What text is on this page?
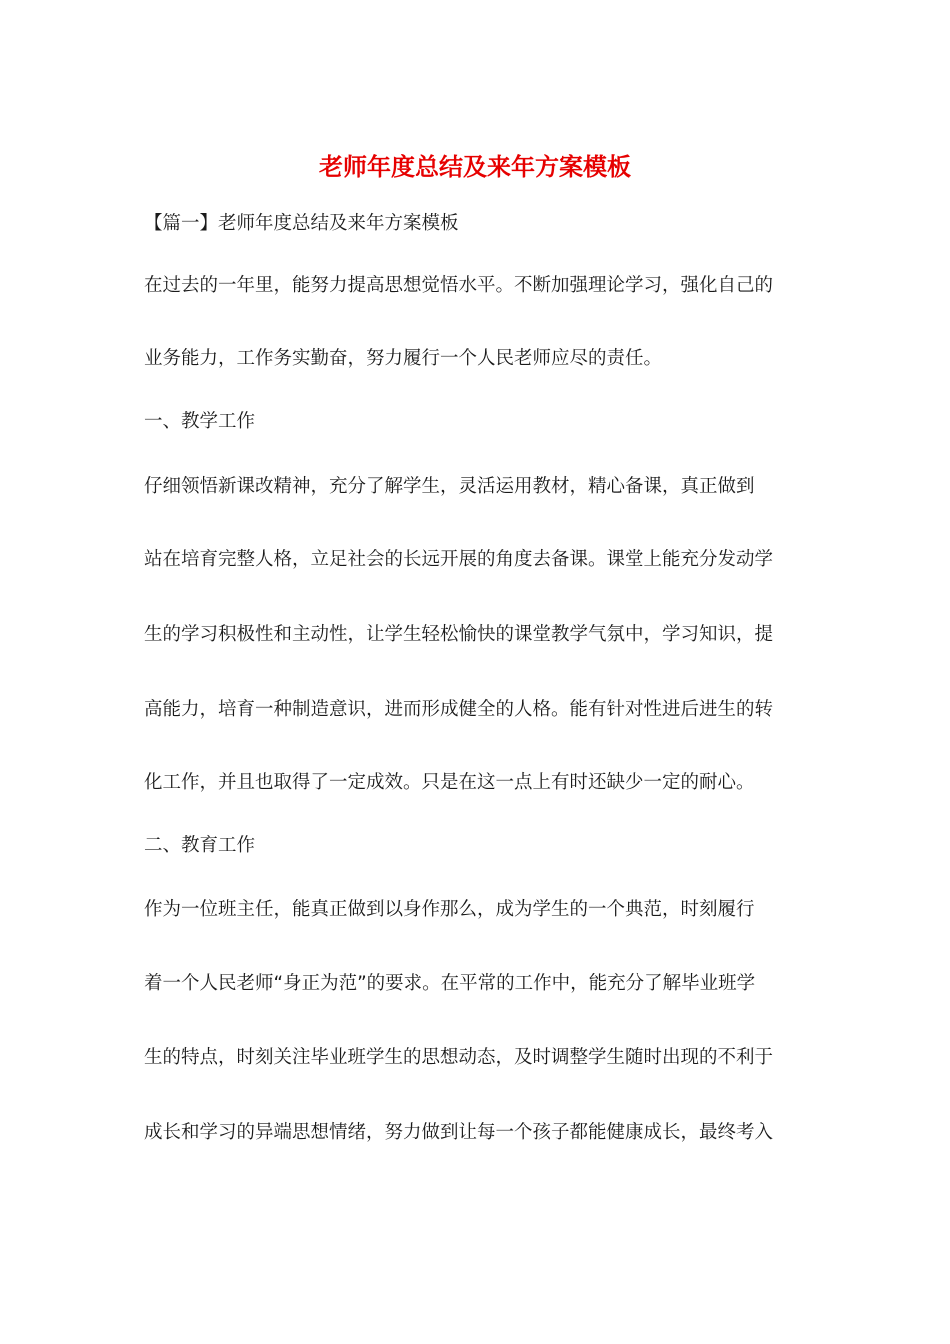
老师年度总结及来年方案模板
【篇一】老师年度总结及来年方案模板
在过去的一年里，能努力提高思想觉悟水平。不断加强理论学习，强化自己的
业务能力，工作务实勤奋，努力履行一个人民老师应尽的责任。
一、教学工作
仔细领悟新课改精神，充分了解学生，灵活运用教材，精心备课，真正做到
站在培育完整人格，立足社会的长远开展的角度去备课。课堂上能充分发动学
生的学习积极性和主动性，让学生轻松愉快的课堂教学气氛中，学习知识，提
高能力，培育一种制造意识，进而形成健全的人格。能有针对性进后进生的转
化工作，并且也取得了一定成效。只是在这一点上有时还缺少一定的耐心。
二、教育工作
作为一位班主任，能真正做到以身作那么，成为学生的一个典范，时刻履行
着一个人民老师“身正为范”的要求。在平常的工作中，能充分了解毕业班学
生的特点，时刻关注毕业班学生的思想动态，及时调整学生随时出现的不利于
成长和学习的异端思想情绪，努力做到让每一个孩子都能健康成长，最终考入
